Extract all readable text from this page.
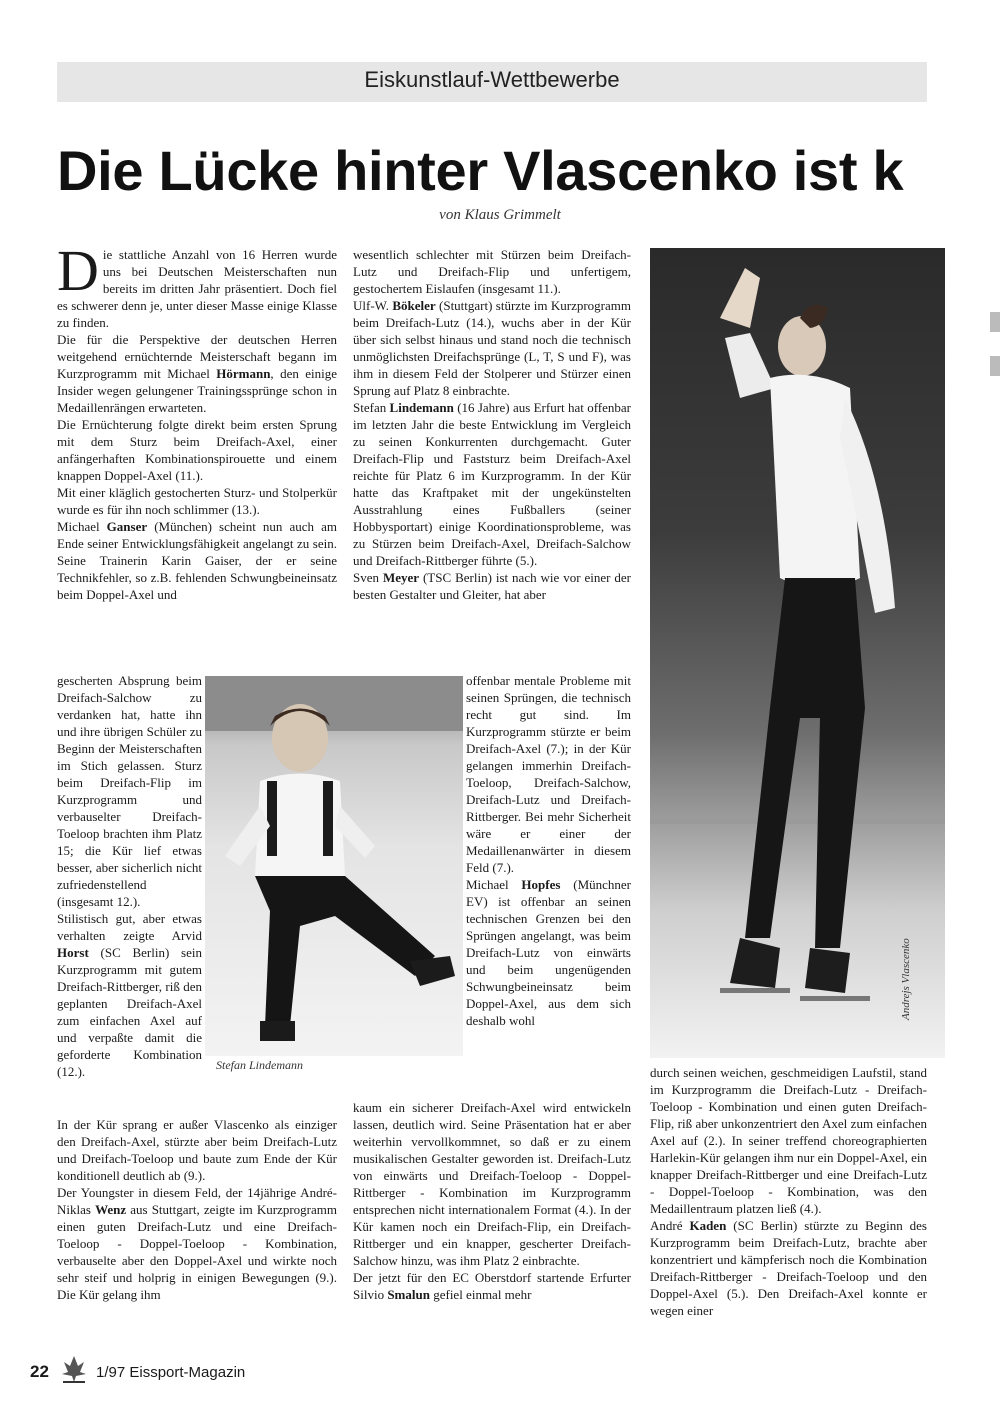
Eiskunstlauf-Wettbewerbe
Die Lücke hinter Vlascenko ist k
von Klaus Grimmelt

D ie stattliche Anzahl von 16 Herren wurde uns bei Deutschen Meisterschaften nun bereits im dritten Jahr präsentiert. Doch fiel es schwerer denn je, unter dieser Masse einige Klasse zu finden.

Die für die Perspektive der deutschen Herren weitgehend ernüchternde Meisterschaft begann im Kurzprogramm mit Michael Hörmann, den einige Insider wegen gelungener Trainingssprünge schon in Medaillenrängen erwarteten.

Die Ernüchterung folgte direkt beim ersten Sprung mit dem Sturz beim Dreifach-Axel, einer anfängerhaften Kombinationspirouette und einem knappen Doppel-Axel (11.).

Mit einer kläglich gestocherten Sturz- und Stolperkür wurde es für ihn noch schlimmer (13.).

Michael Ganser (München) scheint nun auch am Ende seiner Entwicklungsfähigkeit angelangt zu sein. Seine Trainerin Karin Gaiser, der er seine Technikfehler, so z.B. fehlenden Schwungbeineinsatz beim Doppel-Axel und

gescherten Absprung beim Dreifach-Salchow zu verdanken hat, hatte ihn und ihre übrigen Schüler zu Beginn der Meisterschaften im Stich gelassen. Sturz beim Dreifach-Flip im Kurzprogramm und verbauselter Dreifach-Toeloop brachten ihm Platz 15; die Kür lief etwas besser, aber sicherlich nicht zufriedenstellend (insgesamt 12.).

Stilistisch gut, aber etwas verhalten zeigte Arvid Horst (SC Berlin) sein Kurzprogramm mit gutem Dreifach-Rittberger, riß den geplanten Dreifach-Axel zum einfachen Axel auf und verpaßte damit die geforderte Kombination (12.).

In der Kür sprang er außer Vlascenko als einziger den Dreifach-Axel, stürzte aber beim Dreifach-Lutz und Dreifach-Toeloop und baute zum Ende der Kür konditionell deutlich ab (9.).

Der Youngster in diesem Feld, der 14jährige André-Niklas Wenz aus Stuttgart, zeigte im Kurzprogramm einen guten Dreifach-Lutz und eine Dreifach-Toeloop - Doppel-Toeloop - Kombination, verbauselte aber den Doppel-Axel und wirkte noch sehr steif und holprig in einigen Bewegungen (9.). Die Kür gelang ihm

wesentlich schlechter mit Stürzen beim Dreifach-Lutz und Dreifach-Flip und unfertigem, gestochertem Eislaufen (insgesamt 11.).

Ulf-W. Bökeler (Stuttgart) stürzte im Kurzprogramm beim Dreifach-Lutz (14.), wuchs aber in der Kür über sich selbst hinaus und stand noch die technisch unmöglichsten Dreifachsprünge (L, T, S und F), was ihm in diesem Feld der Stolperer und Stürzer einen Sprung auf Platz 8 einbrachte.

Stefan Lindemann (16 Jahre) aus Erfurt hat offenbar im letzten Jahr die beste Entwicklung im Vergleich zu seinen Konkurrenten durchgemacht. Guter Dreifach-Flip und Faststurz beim Dreifach-Axel reichte für Platz 6 im Kurzprogramm. In der Kür hatte das Kraftpaket mit der ungekünstelten Ausstrahlung eines Fußballers (seiner Hobbysportart) einige Koordinationsprobleme, was zu Stürzen beim Dreifach-Axel, Dreifach-Salchow und Dreifach-Rittberger führte (5.).

Sven Meyer (TSC Berlin) ist nach wie vor einer der besten Gestalter und Gleiter, hat aber

offenbar mentale Probleme mit seinen Sprüngen, die technisch recht gut sind. Im Kurzprogramm stürzte er beim Dreifach-Axel (7.); in der Kür gelangen immerhin Dreifach-Toeloop, Dreifach-Salchow, Dreifach-Lutz und Dreifach-Rittberger. Bei mehr Sicherheit wäre er einer der Medaillenanwärter in diesem Feld (7.).

Michael Hopfes (Münchner EV) ist offenbar an seinen technischen Grenzen bei den Sprüngen angelangt, was beim Dreifach-Lutz von einwärts und beim ungenügenden Schwungbeineinsatz beim Doppel-Axel, aus dem sich deshalb wohl

kaum ein sicherer Dreifach-Axel wird entwickeln lassen, deutlich wird. Seine Präsentation hat er aber weiterhin vervollkommnet, so daß er zu einem musikalischen Gestalter geworden ist. Dreifach-Lutz von einwärts und Dreifach-Toeloop - Doppel-Rittberger - Kombination im Kurzprogramm entsprechen nicht internationalem Format (4.). In der Kür kamen noch ein Dreifach-Flip, ein Dreifach-Rittberger und ein knapper, gescherter Dreifach-Salchow hinzu, was ihm Platz 2 einbrachte.

Der jetzt für den EC Oberstdorf startende Erfurter Silvio Smalun gefiel einmal mehr

durch seinen weichen, geschmeidigen Laufstil, stand im Kurzprogramm die Dreifach-Lutz - Dreifach-Toeloop - Kombination und einen guten Dreifach-Flip, riß aber unkonzentriert den Axel zum einfachen Axel auf (2.). In seiner treffend choreographierten Harlekin-Kür gelangen ihm nur ein Doppel-Axel, ein knapper Dreifach-Rittberger und eine Dreifach-Lutz - Doppel-Toeloop - Kombination, was den Medaillentraum platzen ließ (4.).

André Kaden (SC Berlin) stürzte zu Beginn des Kurzprogramm beim Dreifach-Lutz, brachte aber konzentriert und kämpferisch noch die Kombination Dreifach-Rittberger - Dreifach-Toeloop und den Doppel-Axel (5.). Den Dreifach-Axel konnte er wegen einer

Andrejs Vlascenko
Stefan Lindemann
22	1/97 Eissport-Magazin
